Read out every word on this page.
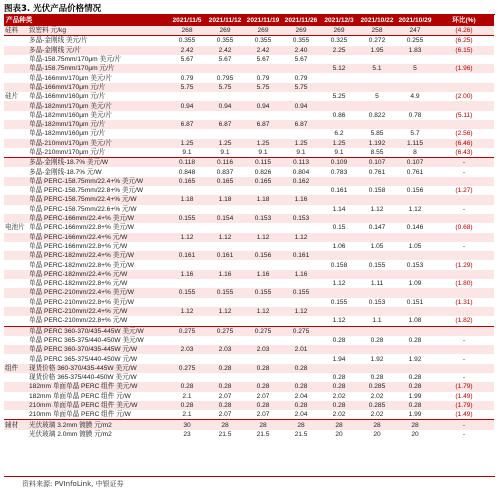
图表3. 光伏产品价格情况
产品种类		2021/11/5	2021/11/12	2021/11/19	2021/11/26	2021/12/3	2021/10/22	2021/10/29	环比(%)
硅料	致密料 元/kg	268	269	269	269	269	258	247	(4.26)
	多晶-金刚线 美元/片	0.355	0.355	0.355	0.355	0.325	0.272	0.255	(6.25)
	多晶-金刚线 元/片	2.42	2.42	2.42	2.40	2.25	1.95	1.83	(6.15)
	单晶-158.75mm/170μm 美元/片	5.67	5.67	5.67	5.67				
	单晶-158.75mm/170μm 元/片					5.12	5.1	5	(1.96)
	单晶-166mm/170μm 美元/片	0.79	0.795	0.79	0.79				
	单晶-166mm/170μm 元/片	5.75	5.75	5.75	5.75				
硅片	单晶-166mm/160μm 元/片					5.25	5	4.9	(2.00)
	单晶-182mm/170μm 美元/片	0.94	0.94	0.94	0.94				
	单晶-182mm/160μm 美元/片					0.86	0.822	0.78	(5.11)
	单晶-182mm/170μm 元/片	6.87	6.87	6.87	6.87				
	单晶-182mm/160μm 元/片					6.2	5.85	5.7	(2.56)
	单晶-210mm/170μm 美元/片	1.25	1.25	1.25	1.25	1.25	1.192	1.115	(6.46)
	单晶-210mm/170μm 元/片	9.1	9.1	9.1	9.1	9.1	8.55	8	(6.43)
	多晶-金刚线-18.7% 美元/W	0.118	0.116	0.115	0.113	0.109	0.107	0.107	-
	多晶-金刚线-18.7% 元/W	0.848	0.837	0.826	0.804	0.783	0.761	0.761	-
	单晶 PERC-158.75mm/22.4+% 美元/W	0.165	0.165	0.165	0.162				
	单晶 PERC-158.75mm/22.8+% 美元/W					0.161	0.158	0.156	(1.27)
	单晶 PERC-158.75mm/22.4+% 元/W	1.18	1.18	1.18	1.16				
	单晶 PERC-158.75mm/22.6+% 元/W					1.14	1.12	1.12	-
	单晶 PERC-166mm/22.4+% 美元/W	0.155	0.154	0.153	0.153				
电池片	单晶 PERC-166mm/22.8+% 美元/W					0.15	0.147	0.146	(0.68)
	单晶 PERC-166mm/22.4+% 元/W	1.12	1.12	1.12	1.12				
	单晶 PERC-166mm/22.8+% 元/W					1.06	1.05	1.05	-
	单晶 PERC-182mm/22.4+% 美元/W	0.161	0.161	0.156	0.161				
	单晶 PERC-182mm/22.8+% 美元/W					0.158	0.155	0.153	(1.29)
	单晶 PERC-182mm/22.4+% 元/W	1.16	1.16	1.16	1.16				
	单晶 PERC-182mm/22.8+% 元/W					1.12	1.11	1.09	(1.80)
	单晶 PERC-210mm/22.4+% 美元/W	0.155	0.155	0.155	0.155				
	单晶 PERC-210mm/22.8+% 美元/W					0.155	0.153	0.151	(1.31)
	单晶 PERC-210mm/22.4+% 元/W	1.12	1.12	1.12	1.12				
	单晶 PERC-210mm/22.8+% 元/W					1.12	1.1	1.08	(1.82)
	单晶 PERC 360-370/435-445W 美元/W	0.275	0.275	0.275	0.275				
	单晶 PERC 365-375/440-450W 美元/W					0.28	0.28	0.28	-
	单晶 PERC 360-370/435-445W 元/W	2.03	2.03	2.03	2.01				
	单晶 PERC 365-375/440-450W 元/W					1.94	1.92	1.92	-
组件	现货价格 360-370/435-445W 美元/W	0.275	0.28	0.28	0.28				
	现货价格 365-375/440-450W 美元/W					0.28	0.28	0.28	-
	182mm 单面单晶 PERC 组件 美元/W	0.28	0.28	0.28	0.28	0.28	0.285	0.28	(1.79)
	182mm 单面单晶 PERC 组件 元/W	2.1	2.07	2.07	2.04	2.02	2.02	1.99	(1.49)
	210mm 单面单晶 PERC 组件 美元/W	0.28	0.28	0.28	0.28	0.28	0.285	0.28	(1.79)
	210mm 单面单晶 PERC 组件 元/W	2.1	2.07	2.07	2.04	2.02	2.02	1.99	(1.49)
辅材	光伏玻璃 3.2mm 镀膜 元/m2	30	28	28	28	28	28	28	-
	光伏玻璃 2.0mm 镀膜 元/m2	23	21.5	21.5	21.5	20	20	20	-
资料来源: PVInfoLink, 中银证券
